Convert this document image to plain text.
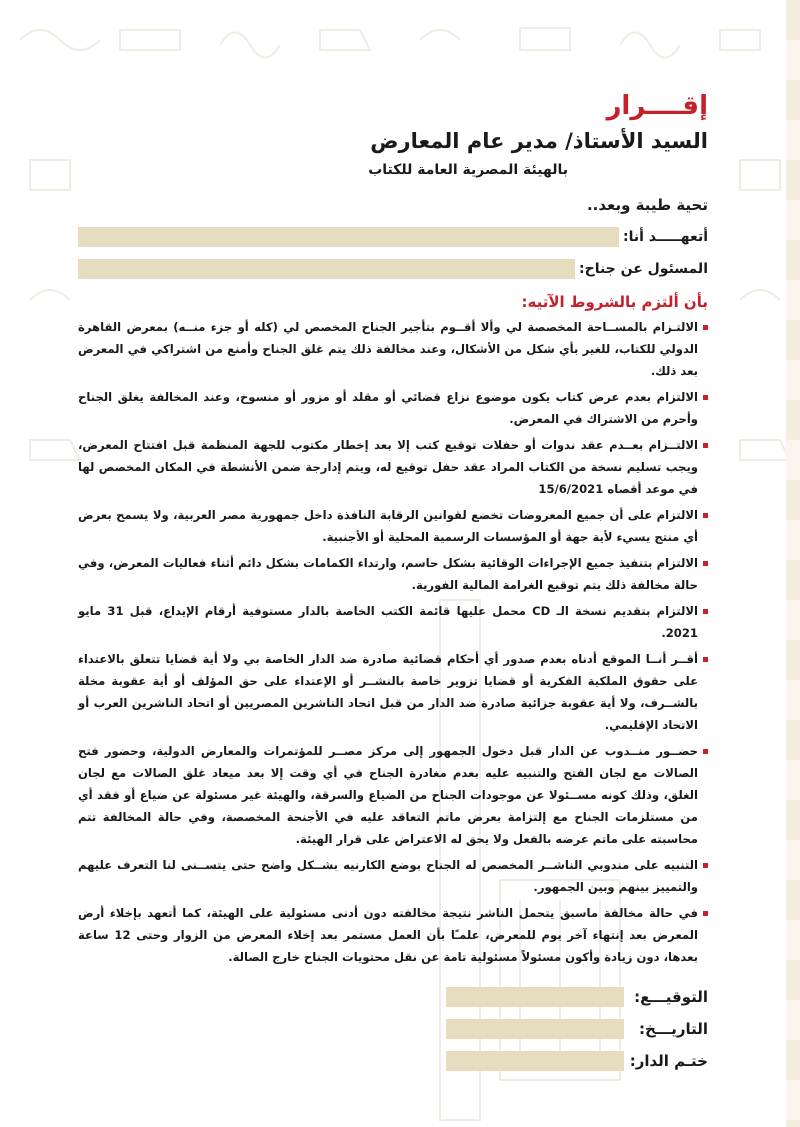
إقــــرار
السيد الأستاذ/ مدير عام المعارض

بالهيئة المصرية العامة للكتاب

تحية طيبة وبعد..

أتعهـــــد أنا:
المسئول عن جناح:

بأن ألتزم بالشروط الآتيه:

الالتـزام بالمســاحة المخصصة لي وألا أقــوم بتأجير الجناح المخصص لي (كله أو جزء منــه) بمعرض القاهرة الدولي للكتاب، للغير بأي شكل من الأشكال، وعند مخالفة ذلك يتم غلق الجناح وأمنع من اشتراكي في المعرض بعد ذلك.
الالتزام بعدم عرض كتاب يكون موضوع نزاع قضائي أو مقلد أو مزور أو منسوخ، وعند المخالفة يغلق الجناح وأحرم من الاشتراك في المعرض.
الالتــزام بعــدم عقد ندوات أو حفلات توقيع كتب إلا بعد إخطار مكتوب للجهة المنظمة قبل افتتاح المعرض، ويجب تسليم نسخة من الكتاب المراد عقد حفل توقيع له، ويتم إدارجة ضمن الأنشطة في المكان المخصص لها في موعد أقصاه 15/6/2021
الالتزام على أن جميع المعروضات تخضع لقوانين الرقابة النافذة داخل جمهورية مصر العربية، ولا يسمح بعرض أي منتج يسيء لأية جهة أو المؤسسات الرسمية المحلية أو الأجنبية.
الالتزام بتنفيذ جميع الإجراءات الوقائية بشكل حاسم، وارتداء الكمامات بشكل دائم أثناء فعاليات المعرض، وفي حالة مخالفة ذلك يتم توقيع الغرامة المالية الفورية.
الالتزام بتقديم نسخة الـ CD محمل عليها قائمة الكتب الخاصة بالدار مستوفية أرقام الإيداع، قبل 31 مايو 2021.
أقــر أنــا الموقع أدناه بعدم صدور أي أحكام قضائية صادرة ضد الدار الخاصة بي ولا أية قضايا تتعلق بالاعتداء على حقوق الملكية الفكرية أو قضايا تزوير خاصة بالنشــر أو الإعتداء على حق المؤلف أو أية عقوبة مخلة بالشــرف، ولا أية عقوبة جزائية صادرة ضد الدار من قبل اتحاد الناشرين المصريين أو اتحاد الناشرين العرب أو الاتحاد الإقليمي.
حضــور منــدوب عن الدار قبل دخول الجمهور إلى مركز مصــر للمؤتمرات والمعارض الدولية، وحضور فتح الصالات مع لجان الفتح والتنبيه عليه بعدم مغادرة الجناح في أي وقت إلا بعد ميعاد غلق الصالات مع لجان الغلق، وذلك كونه مســئولا عن موجودات الجناح من الضياع والسرقة، والهيئة غير مسئولة عن ضياع أو فقد أي من مستلزمات الجناح مع إلتزامة بعرض ماتم التعاقد عليه في الأجنحة المخصصة، وفي حالة المخالفة تتم محاسبته على ماتم عرضه بالفعل ولا يحق له الاعتراض على قرار الهيئة.
التنبيه على مندوبي الناشــر المخصص له الجناح بوضع الكارنيه بشــكل واضح حتى يتســنى لنا التعرف عليهم والتمييز بينهم وبين الجمهور.
في حالة مخالفة ماسبق يتحمل الناشر نتيجة مخالفته دون أدنى مسئولية على الهيئة، كما أتعهد بإخلاء أرض المعرض بعد إنتهاء آخر يوم للمعرض، علمـًا بأن العمل مستمر بعد إخلاء المعرض من الزوار وحتى 12 ساعة بعدها، دون زيادة وأكون مسئولاً مسئولية تامة عن نقل محتويات الجناح خارج الصالة.
التوقيـــع:
التاريـــخ:
ختـم الدار:
